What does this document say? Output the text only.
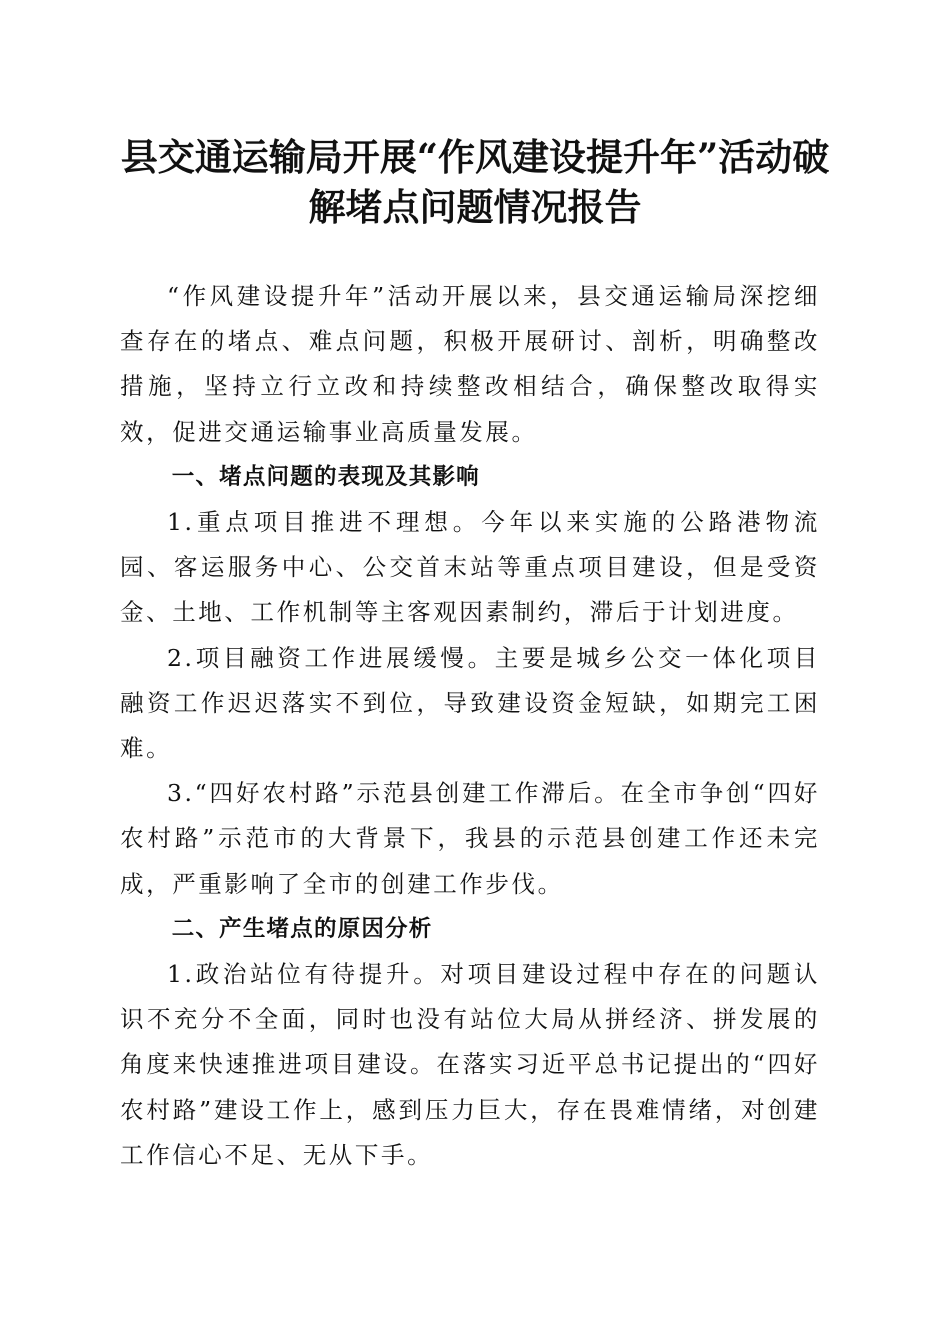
县交通运输局开展“作风建设提升年”活动破
解堵点问题情况报告

“作风建设提升年”活动开展以来，县交通运输局深挖细查存在的堵点、难点问题，积极开展研讨、剖析，明确整改措施，坚持立行立改和持续整改相结合，确保整改取得实效，促进交通运输事业高质量发展。

一、堵点问题的表现及其影响

1.重点项目推进不理想。今年以来实施的公路港物流园、客运服务中心、公交首末站等重点项目建设，但是受资金、土地、工作机制等主客观因素制约，滞后于计划进度。

2.项目融资工作进展缓慢。主要是城乡公交一体化项目融资工作迟迟落实不到位，导致建设资金短缺，如期完工困难。

3.“四好农村路”示范县创建工作滞后。在全市争创“四好农村路”示范市的大背景下，我县的示范县创建工作还未完成，严重影响了全市的创建工作步伐。

二、产生堵点的原因分析

1.政治站位有待提升。对项目建设过程中存在的问题认识不充分不全面，同时也没有站位大局从拼经济、拼发展的角度来快速推进项目建设。在落实习近平总书记提出的“四好农村路”建设工作上，感到压力巨大，存在畏难情绪，对创建工作信心不足、无从下手。
